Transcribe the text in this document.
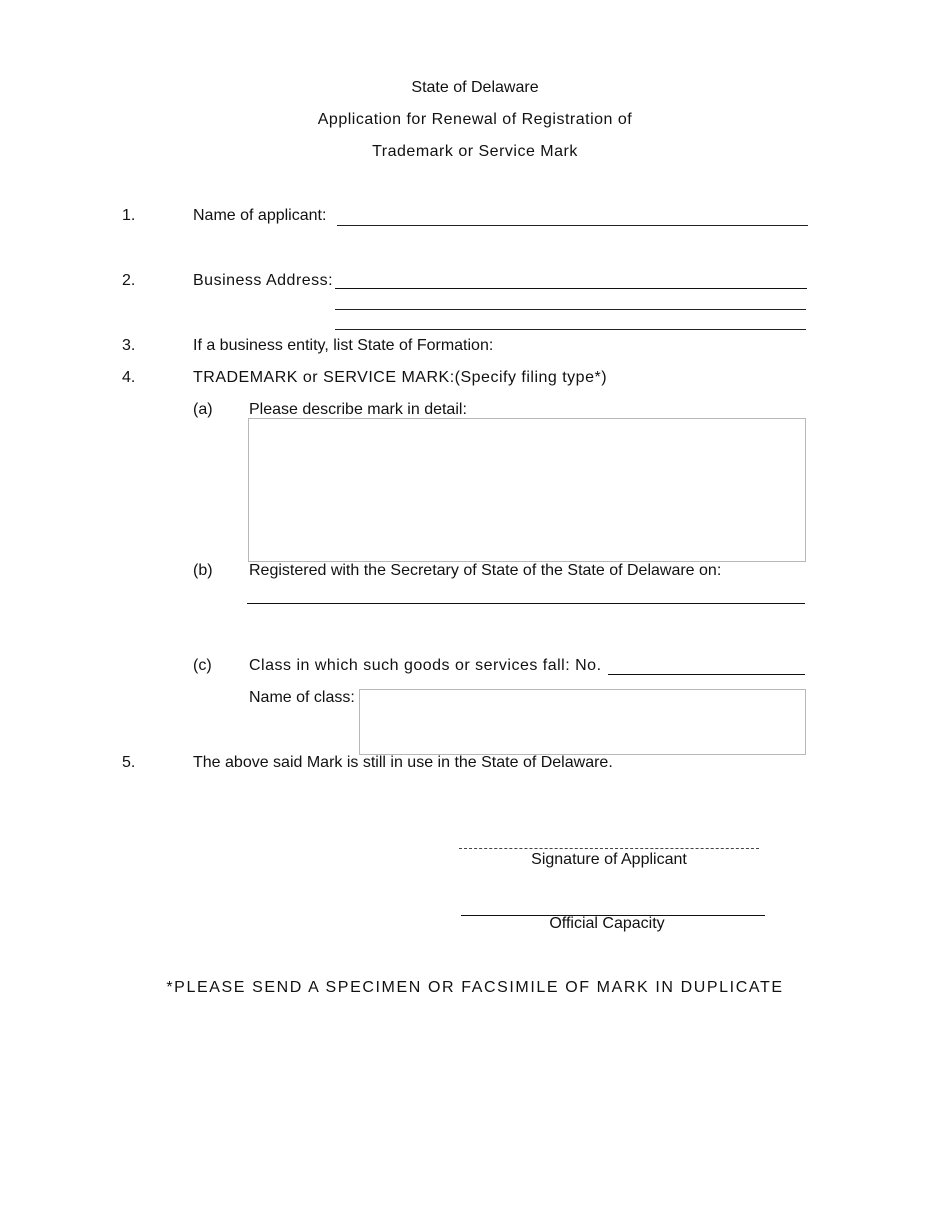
State of Delaware
Application for Renewal of Registration of
Trademark or Service Mark
1.	Name of applicant:
2.	Business Address:
3.	If a business entity, list State of Formation:
4.	TRADEMARK or SERVICE MARK:(Specify filing type*)
(a) Please describe mark in detail:
(b) Registered with the Secretary of State of the State of Delaware on:
(c) Class in which such goods or services fall: No.
Name of class:
5.	The above said Mark is still in use in the State of Delaware.
Signature of Applicant
Official Capacity
*PLEASE SEND A SPECIMEN OR FACSIMILE OF MARK IN DUPLICATE
